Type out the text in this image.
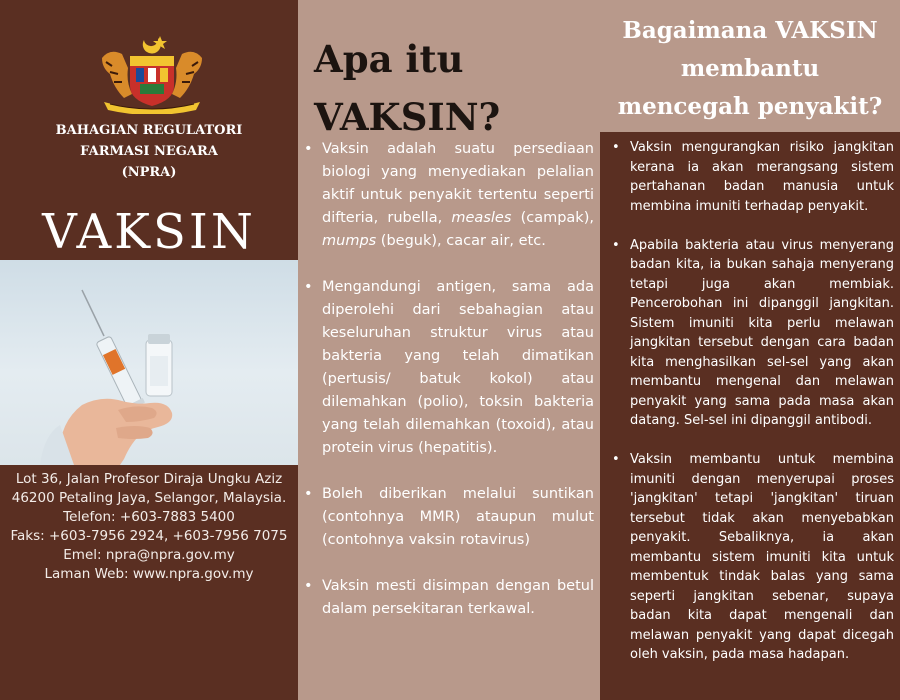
BAHAGIAN REGULATORI
FARMASI NEGARA
(NPRA)
VAKSIN
Lot 36, Jalan Profesor Diraja Ungku Aziz
46200 Petaling Jaya, Selangor, Malaysia.
Telefon: +603-7883 5400
Faks: +603-7956 2924, +603-7956 7075
Emel: npra@npra.gov.my
Laman Web: www.npra.gov.my
Apa itu
VAKSIN?
• Vaksin adalah suatu persediaan biologi yang menyediakan pelalian aktif untuk penyakit tertentu seperti difteria, rubella, measles (campak), mumps (beguk), cacar air, etc.
• Mengandungi antigen, sama ada diperolehi dari sebahagian atau keseluruhan struktur virus atau bakteria yang telah dimatikan (pertusis/ batuk kokol) atau dilemahkan (polio), toksin bakteria yang telah dilemahkan (toxoid), atau protein virus (hepatitis).
• Boleh diberikan melalui suntikan (contohnya MMR) ataupun mulut (contohnya vaksin rotavirus)
• Vaksin mesti disimpan dengan betul dalam persekitaran terkawal.
Bagaimana VAKSIN
membantu
mencegah penyakit?
• Vaksin mengurangkan risiko jangkitan kerana ia akan merangsang sistem pertahanan badan manusia untuk membina imuniti terhadap penyakit.
• Apabila bakteria atau virus menyerang badan kita, ia bukan sahaja menyerang tetapi juga akan membiak. Pencerobohan ini dipanggil jangkitan. Sistem imuniti kita perlu melawan jangkitan tersebut dengan cara badan kita menghasilkan sel-sel yang akan membantu mengenal dan melawan penyakit yang sama pada masa akan datang. Sel-sel ini dipanggil antibodi.
• Vaksin membantu untuk membina imuniti dengan menyerupai proses 'jangkitan' tetapi 'jangkitan' tiruan tersebut tidak akan menyebabkan penyakit. Sebaliknya, ia akan membantu sistem imuniti kita untuk membentuk tindak balas yang sama seperti jangkitan sebenar, supaya badan kita dapat mengenali dan melawan penyakit yang dapat dicegah oleh vaksin, pada masa hadapan.
